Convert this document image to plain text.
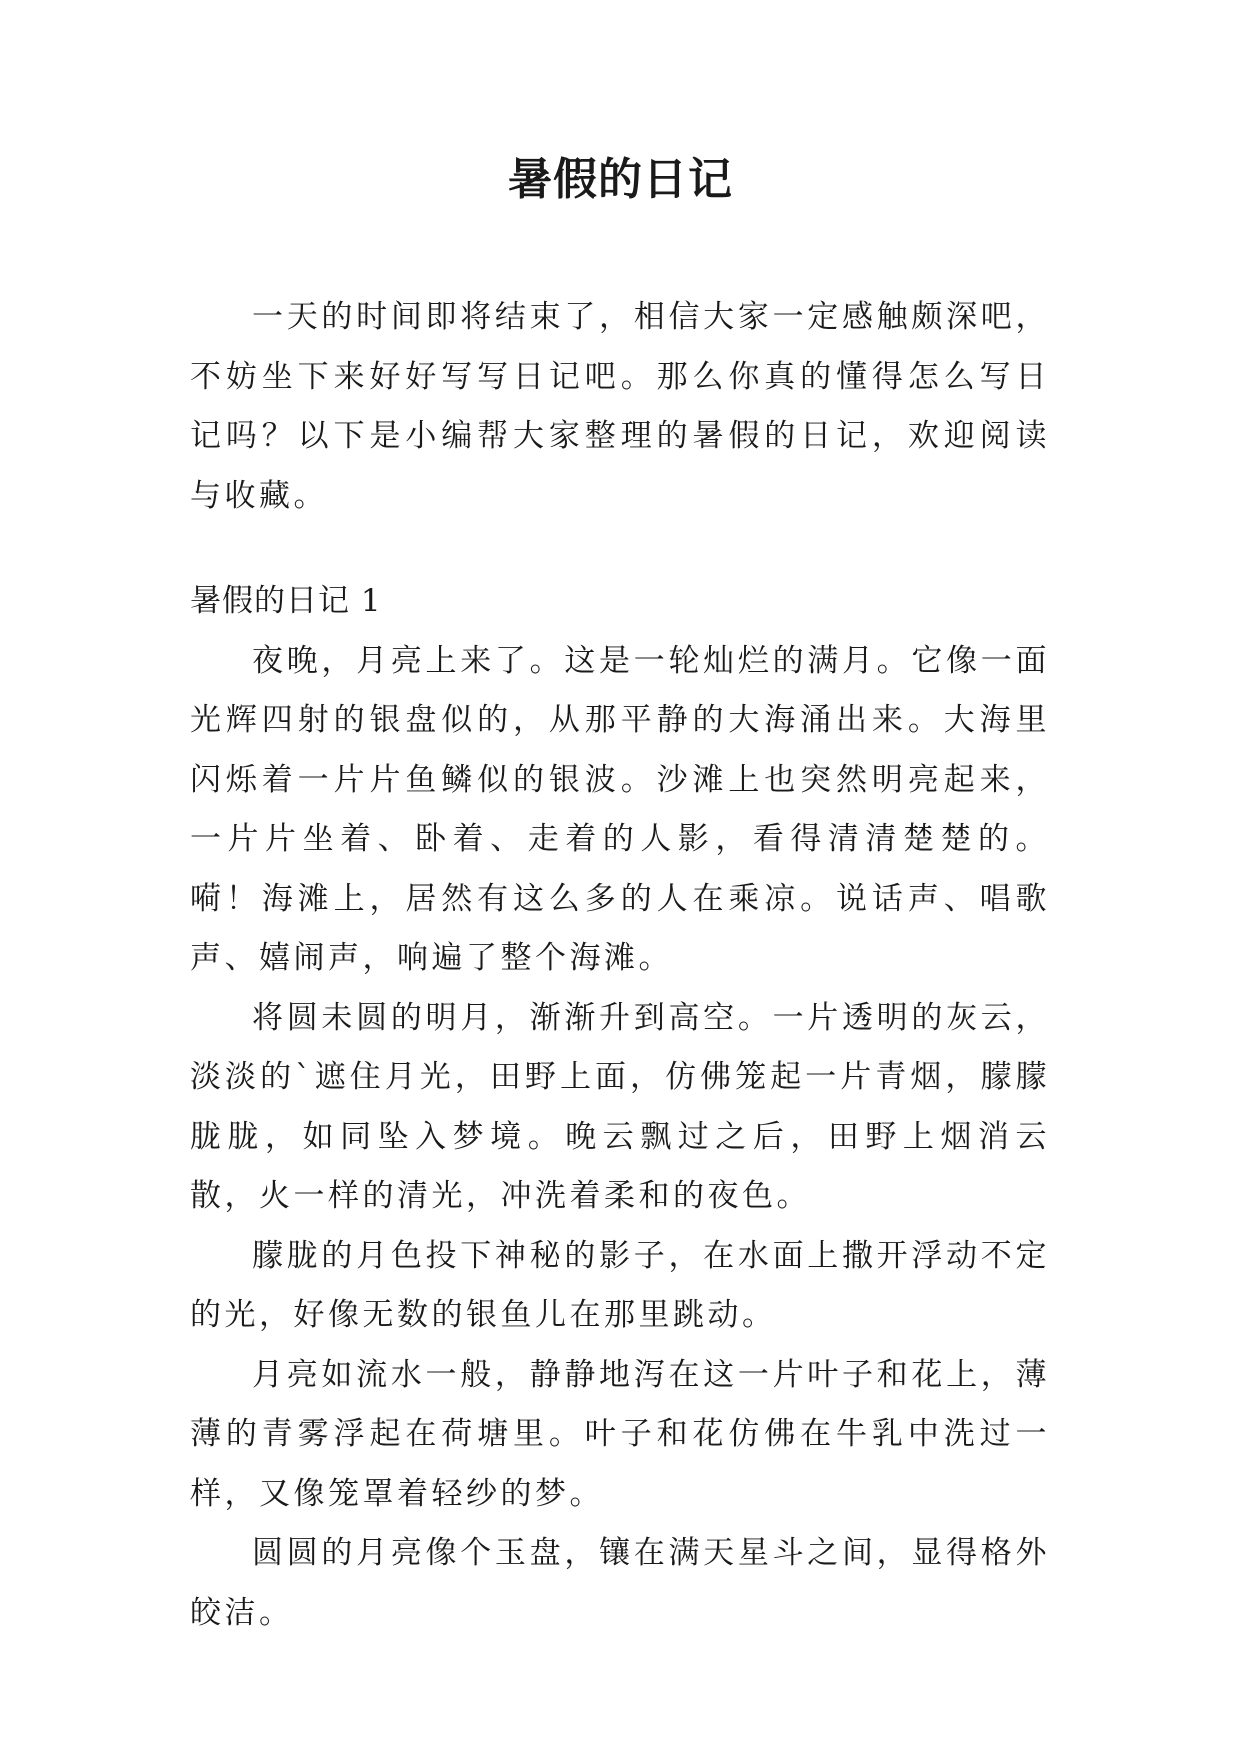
暑假的日记

一天的时间即将结束了，相信大家一定感触颇深吧，不妨坐下来好好写写日记吧。那么你真的懂得怎么写日记吗？以下是小编帮大家整理的暑假的日记，欢迎阅读与收藏。

暑假的日记 1

夜晚，月亮上来了。这是一轮灿烂的满月。它像一面光辉四射的银盘似的，从那平静的大海涌出来。大海里闪烁着一片片鱼鳞似的银波。沙滩上也突然明亮起来，一片片坐着、卧着、走着的人影，看得清清楚楚的。嗬！海滩上，居然有这么多的人在乘凉。说话声、唱歌声、嬉闹声，响遍了整个海滩。

将圆未圆的明月，渐渐升到高空。一片透明的灰云，淡淡的`遮住月光，田野上面，仿佛笼起一片青烟，朦朦胧胧，如同坠入梦境。晚云飘过之后，田野上烟消云散，火一样的清光，冲洗着柔和的夜色。

朦胧的月色投下神秘的影子，在水面上撒开浮动不定的光，好像无数的银鱼儿在那里跳动。

月亮如流水一般，静静地泻在这一片叶子和花上，薄薄的青雾浮起在荷塘里。叶子和花仿佛在牛乳中洗过一样，又像笼罩着轻纱的梦。

圆圆的月亮像个玉盘，镶在满天星斗之间，显得格外皎洁。
